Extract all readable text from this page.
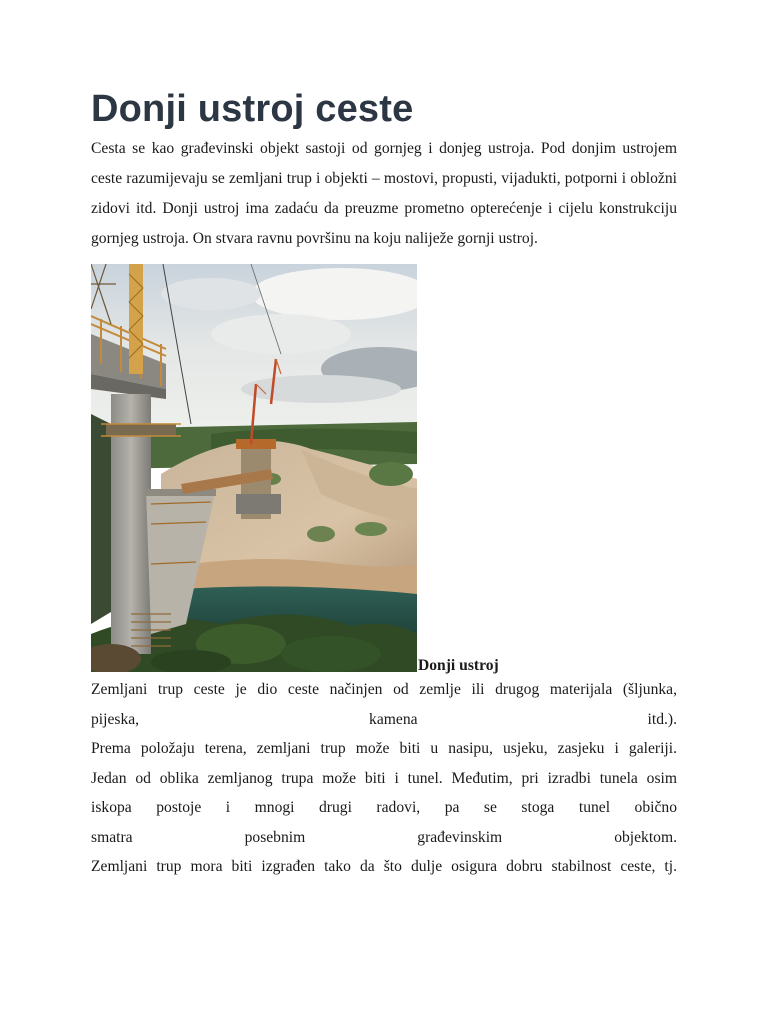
Donji ustroj ceste

Cesta se kao građevinski objekt sastoji od gornjeg i donjeg ustroja. Pod donjim ustrojem ceste razumijevaju se zemljani trup i objekti – mostovi, propusti, vijadukti, potporni i obložni zidovi itd. Donji ustroj ima zadaću da preuzme prometno opterećenje i cijelu konstrukciju gornjeg ustroja. On stvara ravnu površinu na koju naliježe gornji ustroj.

Donji ustroj
Zemljani trup ceste je dio ceste načinjen od zemlje ili drugog materijala (šljunka,
pijeska, kamena itd.).
Prema položaju terena, zemljani trup može biti u nasipu, usjeku, zasjeku i galeriji.
Jedan od oblika zemljanog trupa može biti i tunel. Međutim, pri izradbi tunela osim
iskopa postoje i mnogi drugi radovi, pa se stoga tunel obično
smatra posebnim građevinskim objektom.
Zemljani trup mora biti izgrađen tako da što dulje osigura dobru stabilnost ceste, tj.
